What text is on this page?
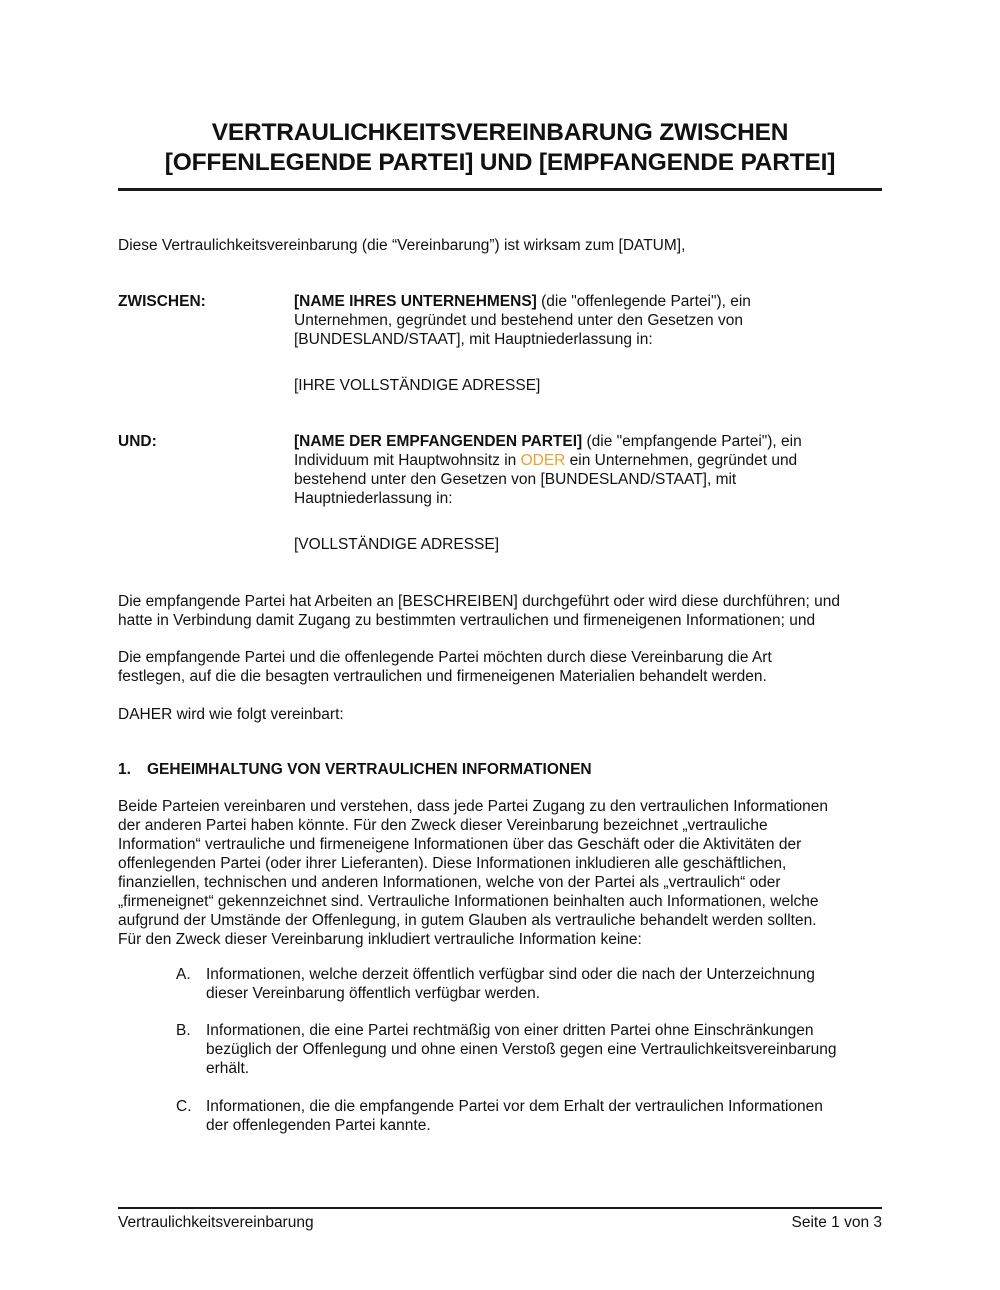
VERTRAULICHKEITSVEREINBARUNG ZWISCHEN
[OFFENLEGENDE PARTEI] UND [EMPFANGENDE PARTEI]
Diese Vertraulichkeitsvereinbarung (die “Vereinbarung”) ist wirksam zum [DATUM],
ZWISCHEN:	[NAME IHRES UNTERNEHMENS] (die "offenlegende Partei"), ein
Unternehmen, gegründet und bestehend unter den Gesetzen von
[BUNDESLAND/STAAT], mit Hauptniederlassung in:
[IHRE VOLLSTÄNDIGE ADRESSE]
UND:	[NAME DER EMPFANGENDEN PARTEI] (die "empfangende Partei"), ein
Individuum mit Hauptwohnsitz in ODER ein Unternehmen, gegründet und
bestehend unter den Gesetzen von [BUNDESLAND/STAAT], mit
Hauptniederlassung in:
[VOLLSTÄNDIGE ADRESSE]
Die empfangende Partei hat Arbeiten an [BESCHREIBEN] durchgeführt oder wird diese durchführen; und
hatte in Verbindung damit Zugang zu bestimmten vertraulichen und firmeneigenen Informationen; und
Die empfangende Partei und die offenlegende Partei möchten durch diese Vereinbarung die Art
festlegen, auf die die besagten vertraulichen und firmeneigenen Materialien behandelt werden.
DAHER wird wie folgt vereinbart:
1. GEHEIMHALTUNG VON VERTRAULICHEN INFORMATIONEN
Beide Parteien vereinbaren und verstehen, dass jede Partei Zugang zu den vertraulichen Informationen
der anderen Partei haben könnte. Für den Zweck dieser Vereinbarung bezeichnet „vertrauliche
Information“ vertrauliche und firmeneigene Informationen über das Geschäft oder die Aktivitäten der
offenlegenden Partei (oder ihrer Lieferanten). Diese Informationen inkludieren alle geschäftlichen,
finanziellen, technischen und anderen Informationen, welche von der Partei als „vertraulich“ oder
„firmeneignet“ gekennzeichnet sind. Vertrauliche Informationen beinhalten auch Informationen, welche
aufgrund der Umstände der Offenlegung, in gutem Glauben als vertrauliche behandelt werden sollten.
Für den Zweck dieser Vereinbarung inkludiert vertrauliche Information keine:
A. Informationen, welche derzeit öffentlich verfügbar sind oder die nach der Unterzeichnung
dieser Vereinbarung öffentlich verfügbar werden.
B. Informationen, die eine Partei rechtmäßig von einer dritten Partei ohne Einschränkungen
bezüglich der Offenlegung und ohne einen Verstoß gegen eine Vertraulichkeitsvereinbarung
erhält.
C. Informationen, die die empfangende Partei vor dem Erhalt der vertraulichen Informationen
der offenlegenden Partei kannte.
Vertraulichkeitsvereinbarung	Seite 1 von 3
